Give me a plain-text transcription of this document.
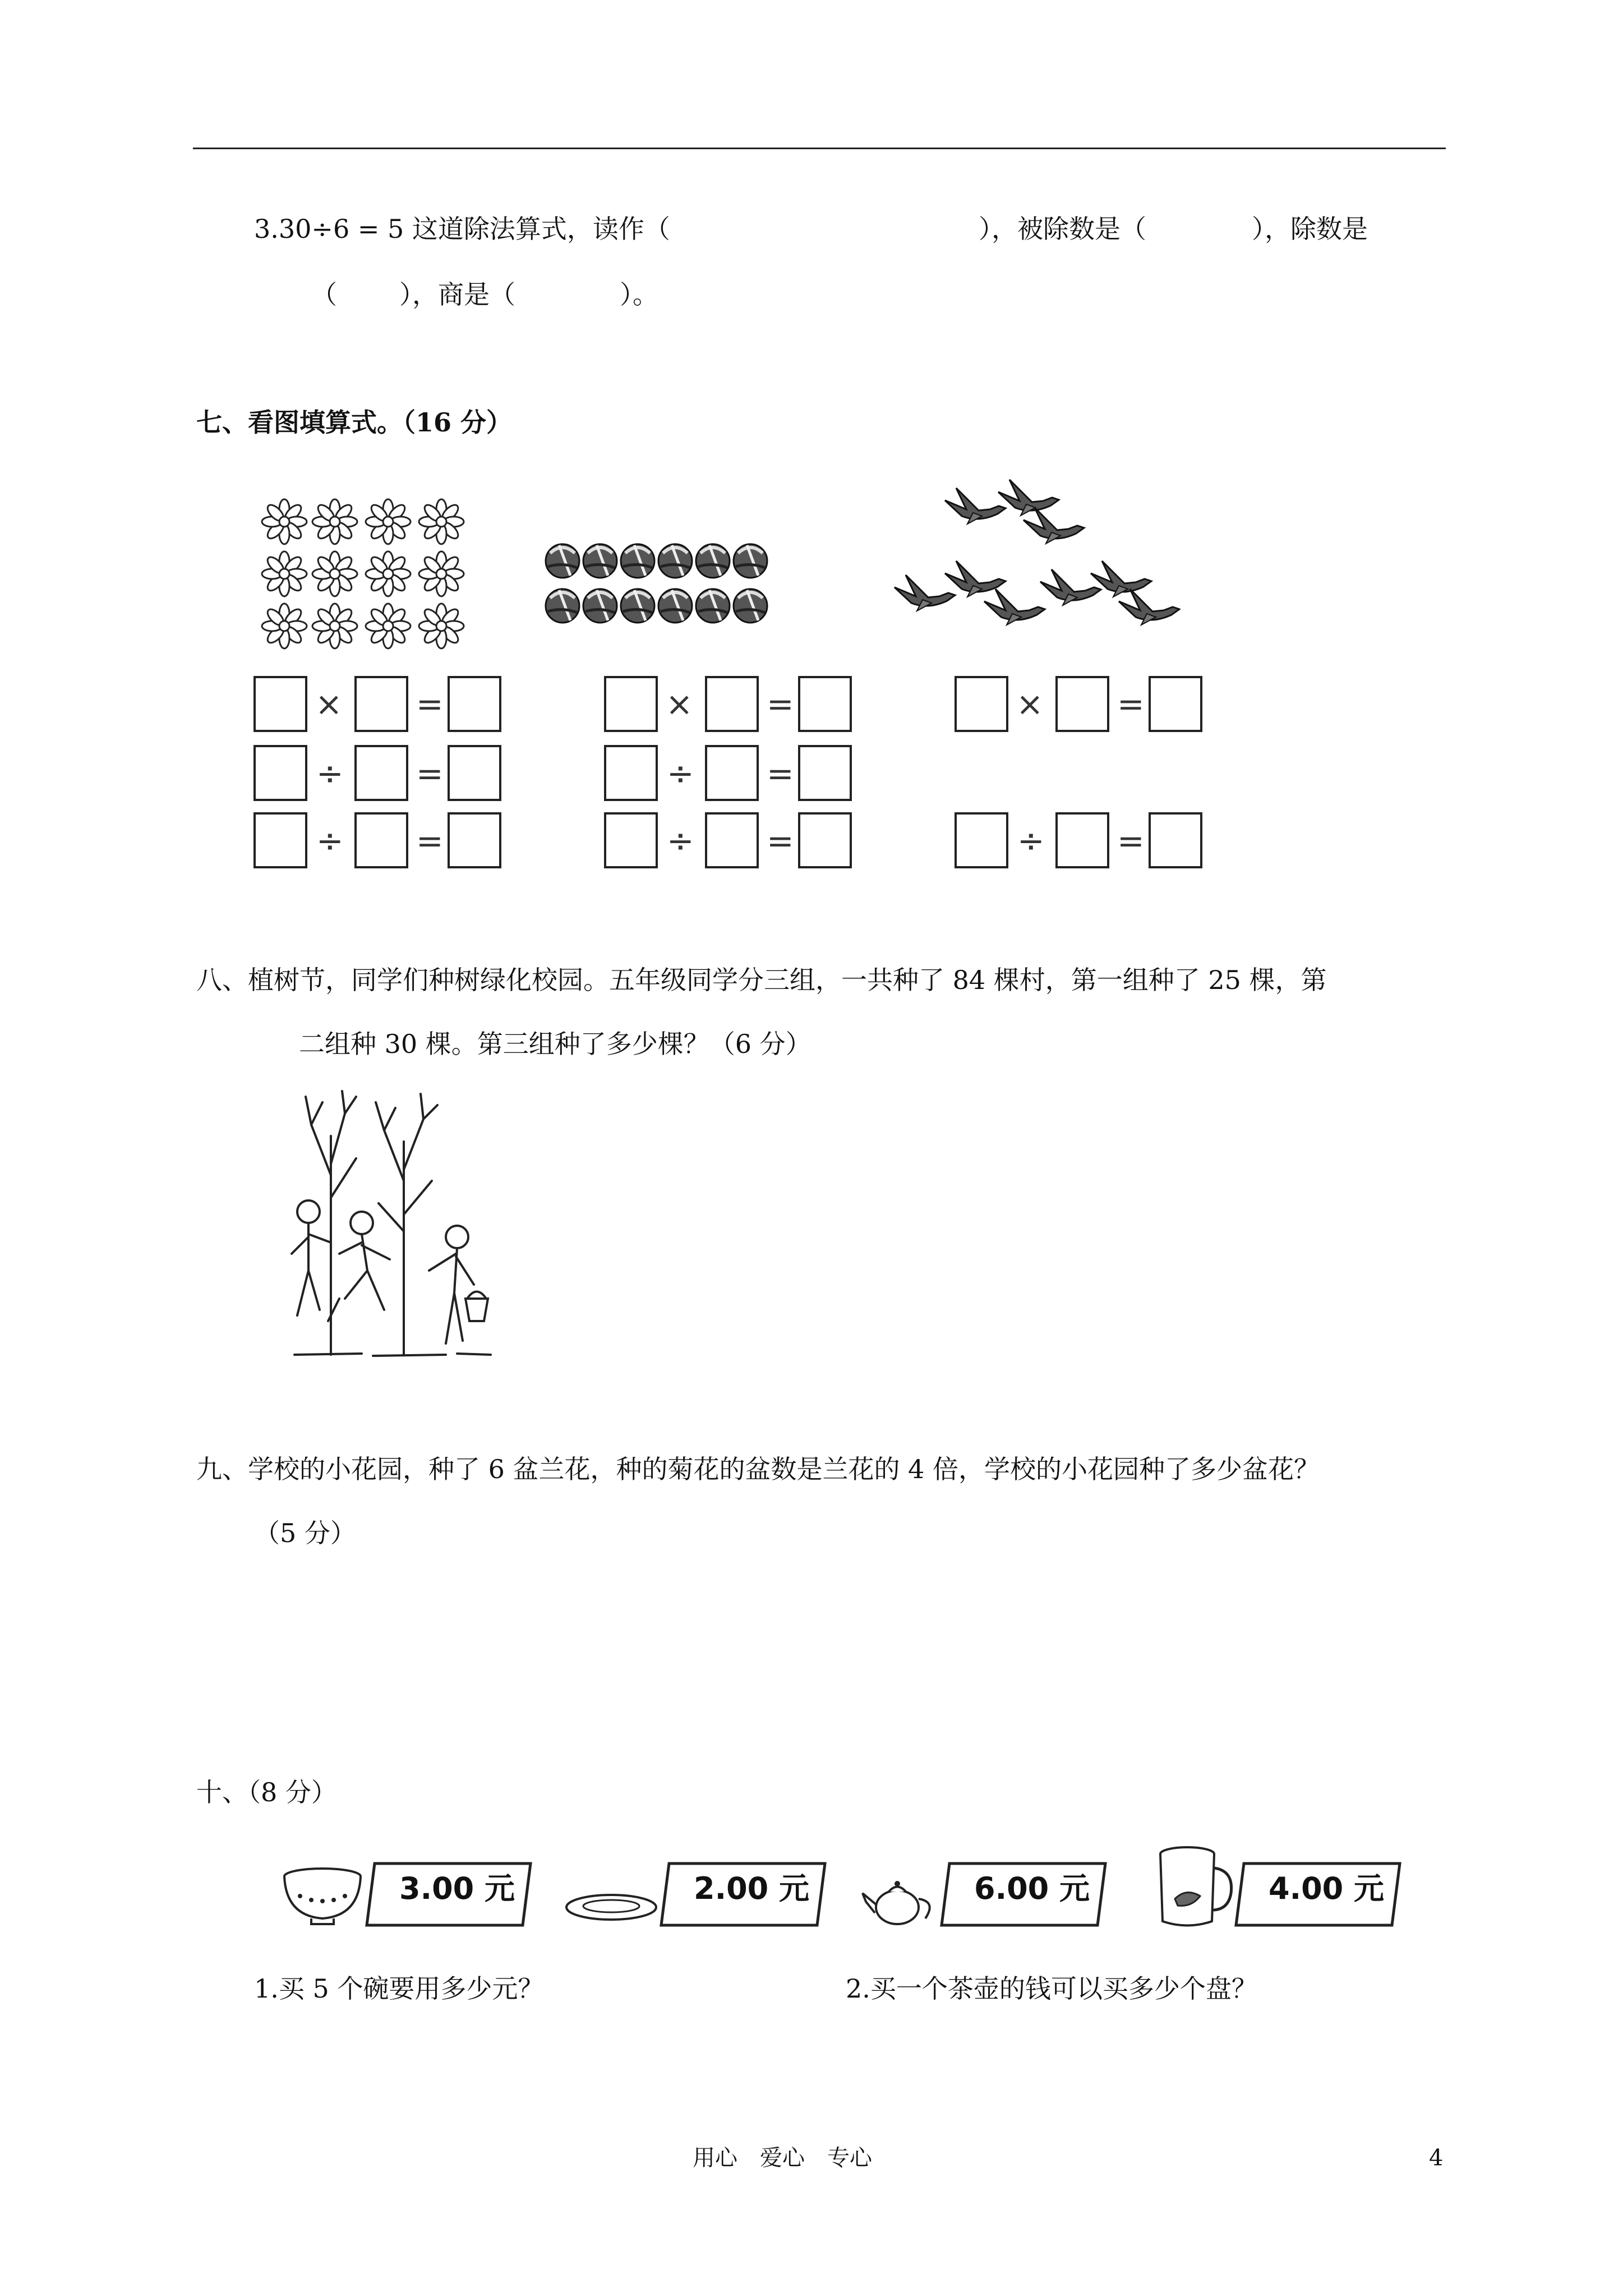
3.30÷6 = 5 这道除法算式，读作（	），被除数是（	），除数是
（ ），商是（	）。
七、看图填算式。（16 分）
× =
÷ =
÷ =
× =
÷ =
÷ =
× =
÷ =
八、植树节，同学们种树绿化校园。五年级同学分三组，一共种了 84 棵村，第一组种了 25 棵，第
二组种 30 棵。第三组种了多少棵？（6 分）
九、学校的小花园，种了 6 盆兰花，种的菊花的盆数是兰花的 4 倍，学校的小花园种了多少盆花？
（5 分）
十、（8 分）
3.00 元	2.00 元	6.00 元	4.00 元
1.买 5 个碗要用多少元？	2.买一个茶壶的钱可以买多少个盘？
用心　爱心　专心	4
